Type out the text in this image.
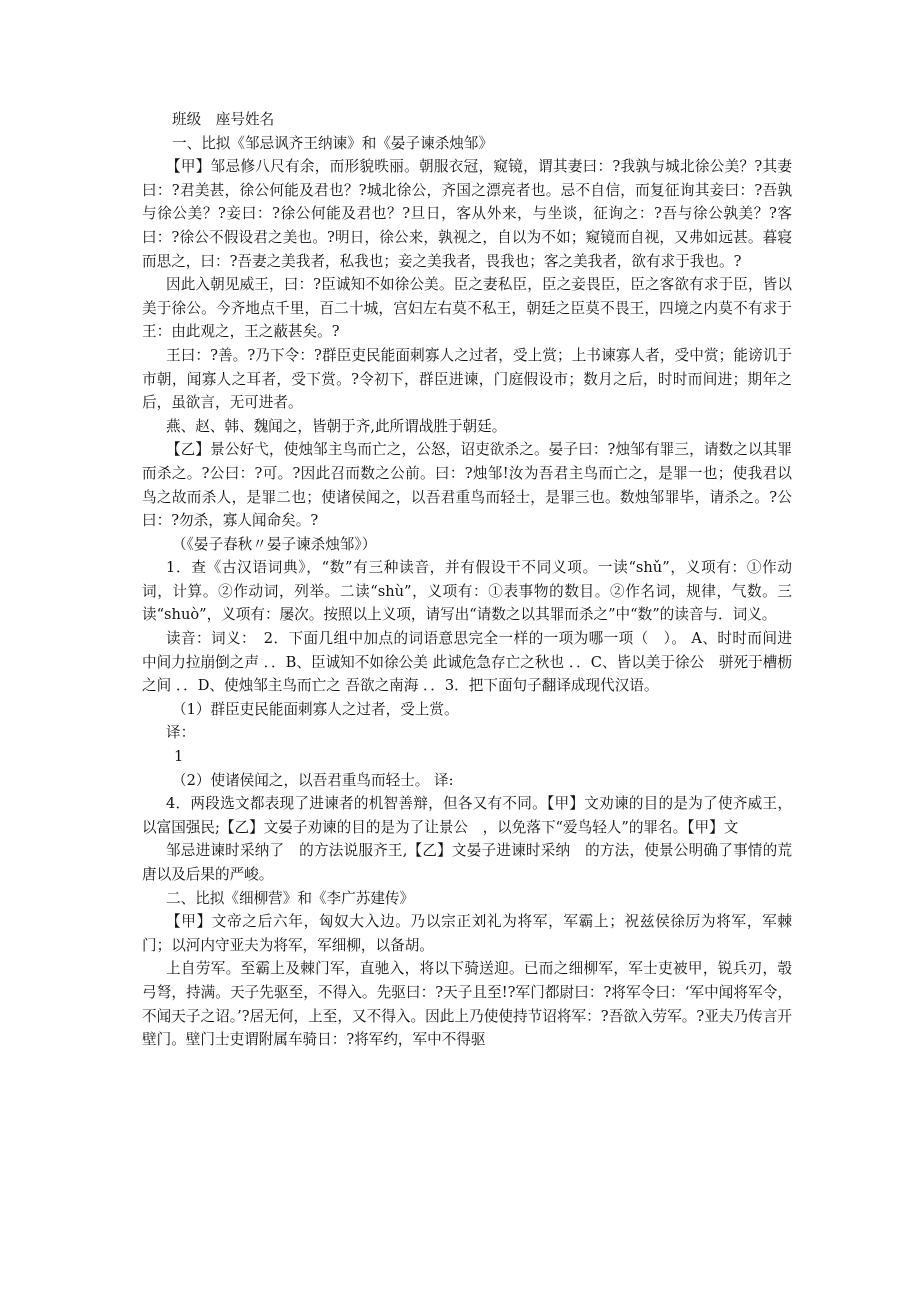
班级　座号姓名

一、比拟《邹忌讽齐王纳谏》和《晏子谏杀烛邹》

【甲】邹忌修八尺有余，而形貌昳丽。朝服衣冠，窥镜，谓其妻曰：?我孰与城北徐公美？?其妻曰：?君美甚，徐公何能及君也？?城北徐公，齐国之漂亮者也。忌不自信，而复征询其妾曰：?吾孰与徐公美？?妾曰：?徐公何能及君也？?旦日，客从外来，与坐谈，征询之：?吾与徐公孰美？?客曰：?徐公不假设君之美也。?明日，徐公来，孰视之，自以为不如；窥镜而自视，又弗如远甚。暮寝而思之，曰：?吾妻之美我者，私我也；妾之美我者，畏我也；客之美我者，欲有求于我也。?

因此入朝见威王，曰：?臣诚知不如徐公美。臣之妻私臣，臣之妾畏臣，臣之客欲有求于臣，皆以美于徐公。今齐地点千里，百二十城，宫妇左右莫不私王，朝廷之臣莫不畏王，四境之内莫不有求于王：由此观之，王之蔽甚矣。?

王曰：?善。?乃下令：?群臣吏民能面刺寡人之过者，受上赏；上书谏寡人者，受中赏；能谤讥于市朝，闻寡人之耳者，受下赏。?令初下，群臣进谏，门庭假设市；数月之后，时时而间进；期年之后，虽欲言，无可进者。

燕、赵、韩、魏闻之，皆朝于齐,此所谓战胜于朝廷。

【乙】景公好弋，使烛邹主鸟而亡之，公怒，诏吏欲杀之。晏子曰：?烛邹有罪三，请数之以其罪而杀之。?公曰：?可。?因此召而数之公前。曰：?烛邹!汝为吾君主鸟而亡之，是罪一也；使我君以鸟之故而杀人，是罪二也；使诸侯闻之，以吾君重鸟而轻士，是罪三也。数烛邹罪毕，请杀之。?公曰：?勿杀，寡人闻命矣。?

（《晏子春秋〃晏子谏杀烛邹》）

1．查《古汉语词典》，“数”有三种读音，并有假设干不同义项。一读“shǔ”，义项有：①作动词，计算。②作动词，列举。二读“shù”，义项有：①表事物的数目。②作名词，规律，气数。三读“shuò”，义项有：屡次。按照以上义项，请写出“请数之以其罪而杀之”中“数”的读音与．词义。

读音：词义：　2．下面几组中加点的词语意思完全一样的一项为哪一项（　）。 A、时时而间进 中间力拉崩倒之声 ．．B、臣诚知不如徐公美 此诚危急存亡之秋也 ．．C、皆以美于徐公　骈死于槽枥之间 ．．D、使烛邹主鸟而亡之 吾欲之南海 ．．3．把下面句子翻译成现代汉语。

（1）群臣吏民能面刺寡人之过者，受上赏。

译：

1

（2）使诸侯闻之，以吾君重鸟而轻士。 译:

4．两段选文都表现了进谏者的机智善辩，但各又有不同。【甲】文劝谏的目的是为了使齐威王，以富国强民;【乙】文晏子劝谏的目的是为了让景公　，以免落下“爱鸟轻人”的罪名。【甲】文

邹忌进谏时采纳了　的方法说服齐王,【乙】文晏子进谏时采纳　的方法，使景公明确了事情的荒唐以及后果的严峻。

二、比拟《细柳营》和《李广苏建传》

【甲】文帝之后六年，匈奴大入边。乃以宗正刘礼为将军，军霸上；祝兹侯徐厉为将军，军棘门；以河内守亚夫为将军，军细柳，以备胡。

上自劳军。至霸上及棘门军，直驰入，将以下骑送迎。已而之细柳军，军士吏被甲，锐兵刃，彀弓弩，持满。天子先驱至，不得入。先驱曰：?天子且至!?军门都尉曰：?将军令曰：‘军中闻将军令，不闻天子之诏。’?居无何，上至，又不得入。因此上乃使使持节诏将军：?吾欲入劳军。?亚夫乃传言开壁门。壁门士吏谓附属车骑日：?将军约，军中不得驱
